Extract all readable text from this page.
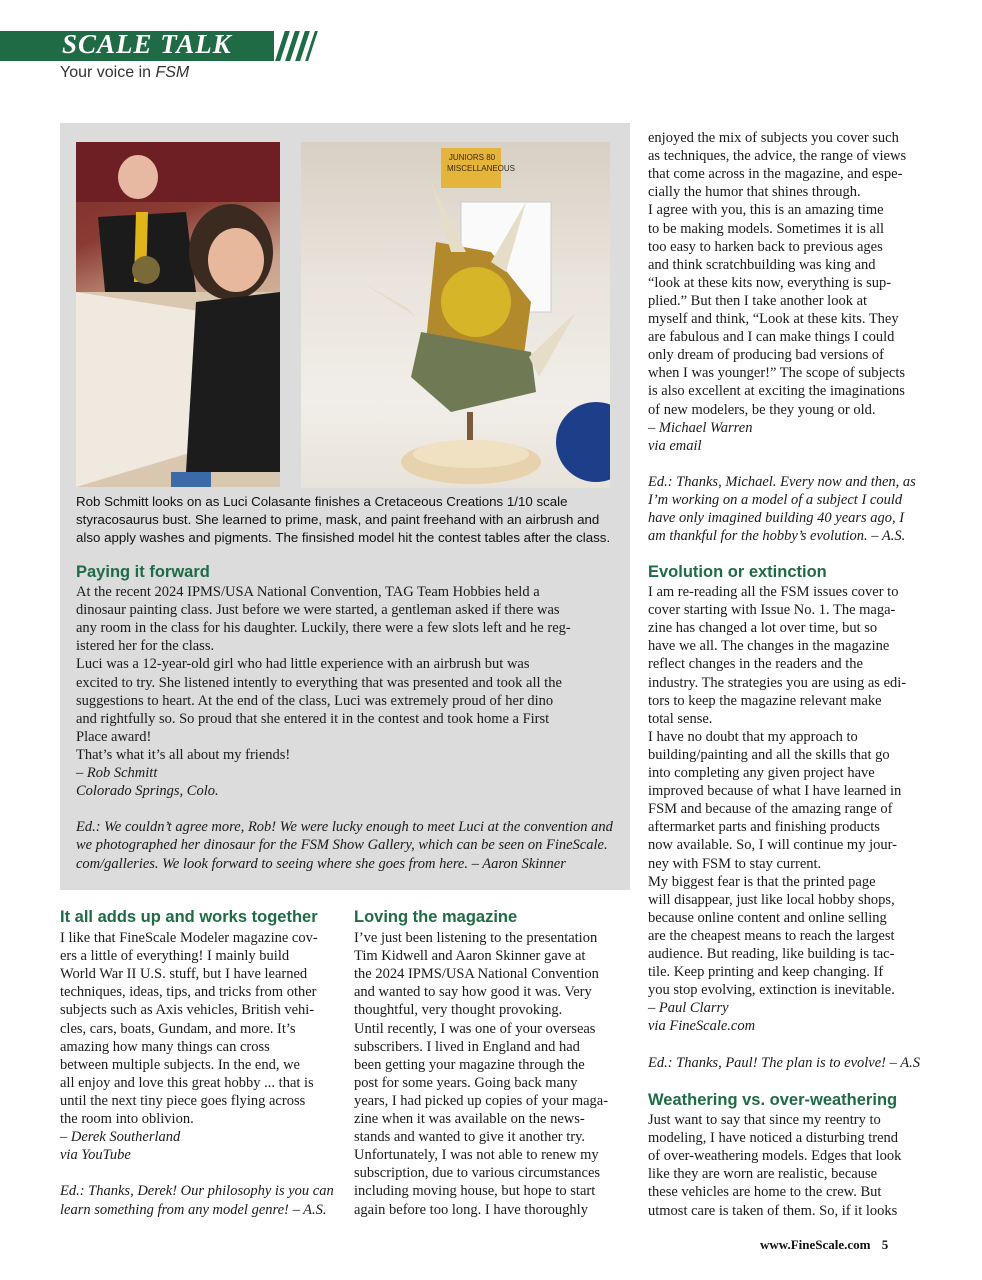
SCALE TALK
Your voice in FSM
JUNIORS 80 MISCELLANEOUS
Rob Schmitt looks on as Luci Colasante finishes a Cretaceous Creations 1/10 scale
styracosaurus bust. She learned to prime, mask, and paint freehand with an airbrush and
also apply washes and pigments. The finsished model hit the contest tables after the class.
Paying it forward
At the recent 2024 IPMS/USA National Convention, TAG Team Hobbies held a
dinosaur painting class. Just before we were started, a gentleman asked if there was
any room in the class for his daughter. Luckily, there were a few slots left and he reg-
istered her for the class.
Luci was a 12-year-old girl who had little experience with an airbrush but was
excited to try. She listened intently to everything that was presented and took all the
suggestions to heart. At the end of the class, Luci was extremely proud of her dino
and rightfully so. So proud that she entered it in the contest and took home a First
Place award!
That’s what it’s all about my friends!
– Rob Schmitt
Colorado Springs, Colo.
Ed.: We couldn’t agree more, Rob! We were lucky enough to meet Luci at the convention and
we photographed her dinosaur for the FSM Show Gallery, which can be seen on FineScale.
com/galleries. We look forward to seeing where she goes from here. – Aaron Skinner
It all adds up and works together
I like that FineScale Modeler magazine cov-
ers a little of everything! I mainly build
World War II U.S. stuff, but I have learned
techniques, ideas, tips, and tricks from other
subjects such as Axis vehicles, British vehi-
cles, cars, boats, Gundam, and more. It’s
amazing how many things can cross
between multiple subjects. In the end, we
all enjoy and love this great hobby ... that is
until the next tiny piece goes flying across
the room into oblivion.
– Derek Southerland
via YouTube
Ed.: Thanks, Derek! Our philosophy is you can
learn something from any model genre! – A.S.
Loving the magazine
I’ve just been listening to the presentation
Tim Kidwell and Aaron Skinner gave at
the 2024 IPMS/USA National Convention
and wanted to say how good it was. Very
thoughtful, very thought provoking.
Until recently, I was one of your overseas
subscribers. I lived in England and had
been getting your magazine through the
post for some years. Going back many
years, I had picked up copies of your maga-
zine when it was available on the news-
stands and wanted to give it another try.
Unfortunately, I was not able to renew my
subscription, due to various circumstances
including moving house, but hope to start
again before too long. I have thoroughly
enjoyed the mix of subjects you cover such
as techniques, the advice, the range of views
that come across in the magazine, and espe-
cially the humor that shines through.
I agree with you, this is an amazing time
to be making models. Sometimes it is all
too easy to harken back to previous ages
and think scratchbuilding was king and
“look at these kits now, everything is sup-
plied.” But then I take another look at
myself and think, “Look at these kits. They
are fabulous and I can make things I could
only dream of producing bad versions of
when I was younger!” The scope of subjects
is also excellent at exciting the imaginations
of new modelers, be they young or old.
– Michael Warren
via email
Ed.: Thanks, Michael. Every now and then, as
I’m working on a model of a subject I could
have only imagined building 40 years ago, I
am thankful for the hobby’s evolution. – A.S.
Evolution or extinction
I am re-reading all the FSM issues cover to
cover starting with Issue No. 1. The maga-
zine has changed a lot over time, but so
have we all. The changes in the magazine
reflect changes in the readers and the
industry. The strategies you are using as edi-
tors to keep the magazine relevant make
total sense.
I have no doubt that my approach to
building/painting and all the skills that go
into completing any given project have
improved because of what I have learned in
FSM and because of the amazing range of
aftermarket parts and finishing products
now available. So, I will continue my jour-
ney with FSM to stay current.
My biggest fear is that the printed page
will disappear, just like local hobby shops,
because online content and online selling
are the cheapest means to reach the largest
audience. But reading, like building is tac-
tile. Keep printing and keep changing. If
you stop evolving, extinction is inevitable.
– Paul Clarry
via FineScale.com
Ed.: Thanks, Paul! The plan is to evolve! – A.S
Weathering vs. over-weathering
Just want to say that since my reentry to
modeling, I have noticed a disturbing trend
of over-weathering models. Edges that look
like they are worn are realistic, because
these vehicles are home to the crew. But
utmost care is taken of them. So, if it looks
www.FineScale.com 5
